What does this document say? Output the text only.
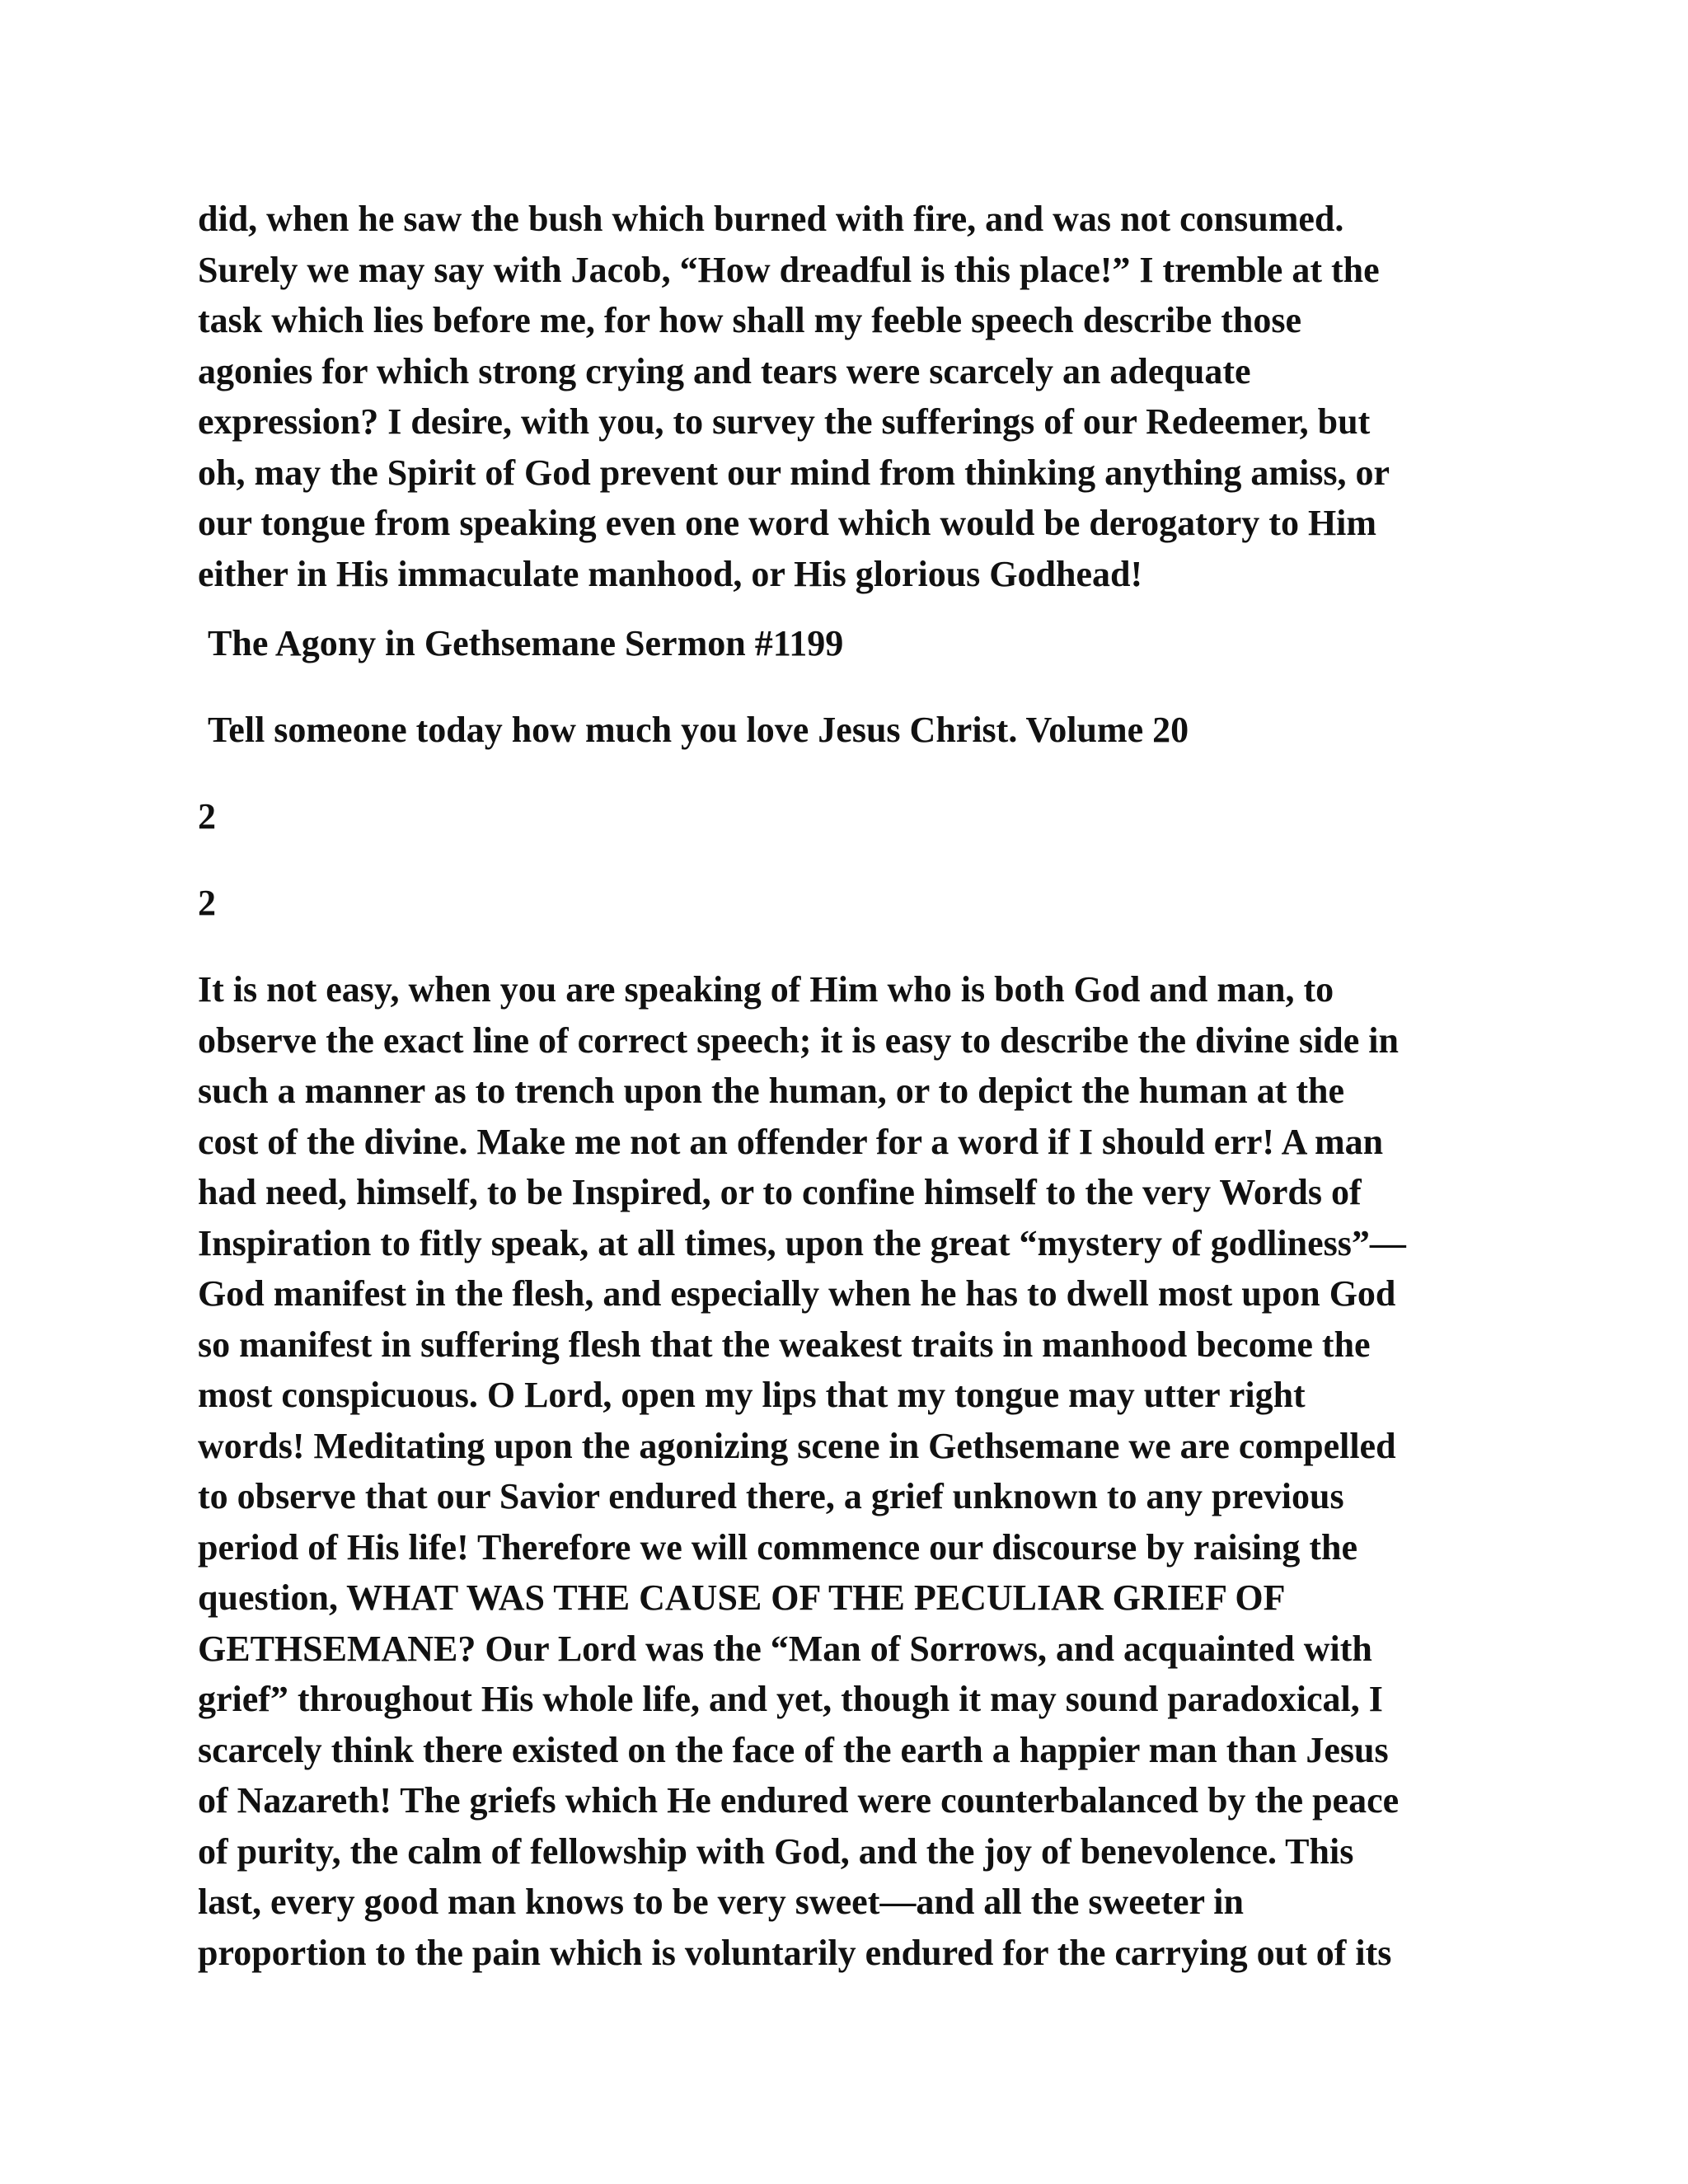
did, when he saw the bush which burned with fire, and was not consumed.
Surely we may say with Jacob, “How dreadful is this place!” I tremble at the
task which lies before me, for how shall my feeble speech describe those
agonies for which strong crying and tears were scarcely an adequate
expression? I desire, with you, to survey the sufferings of our Redeemer, but
oh, may the Spirit of God prevent our mind from thinking anything amiss, or
our tongue from speaking even one word which would be derogatory to Him
either in His immaculate manhood, or His glorious Godhead!
The Agony in Gethsemane Sermon #1199
Tell someone today how much you love Jesus Christ. Volume 20
2
2
It is not easy, when you are speaking of Him who is both God and man, to
observe the exact line of correct speech; it is easy to describe the divine side in
such a manner as to trench upon the human, or to depict the human at the
cost of the divine. Make me not an offender for a word if I should err! A man
had need, himself, to be Inspired, or to confine himself to the very Words of
Inspiration to fitly speak, at all times, upon the great “mystery of godliness”—
God manifest in the flesh, and especially when he has to dwell most upon God
so manifest in suffering flesh that the weakest traits in manhood become the
most conspicuous. O Lord, open my lips that my tongue may utter right
words! Meditating upon the agonizing scene in Gethsemane we are compelled
to observe that our Savior endured there, a grief unknown to any previous
period of His life! Therefore we will commence our discourse by raising the
question, WHAT WAS THE CAUSE OF THE PECULIAR GRIEF OF
GETHSEMANE? Our Lord was the “Man of Sorrows, and acquainted with
grief” throughout His whole life, and yet, though it may sound paradoxical, I
scarcely think there existed on the face of the earth a happier man than Jesus
of Nazareth! The griefs which He endured were counterbalanced by the peace
of purity, the calm of fellowship with God, and the joy of benevolence. This
last, every good man knows to be very sweet—and all the sweeter in
proportion to the pain which is voluntarily endured for the carrying out of its
